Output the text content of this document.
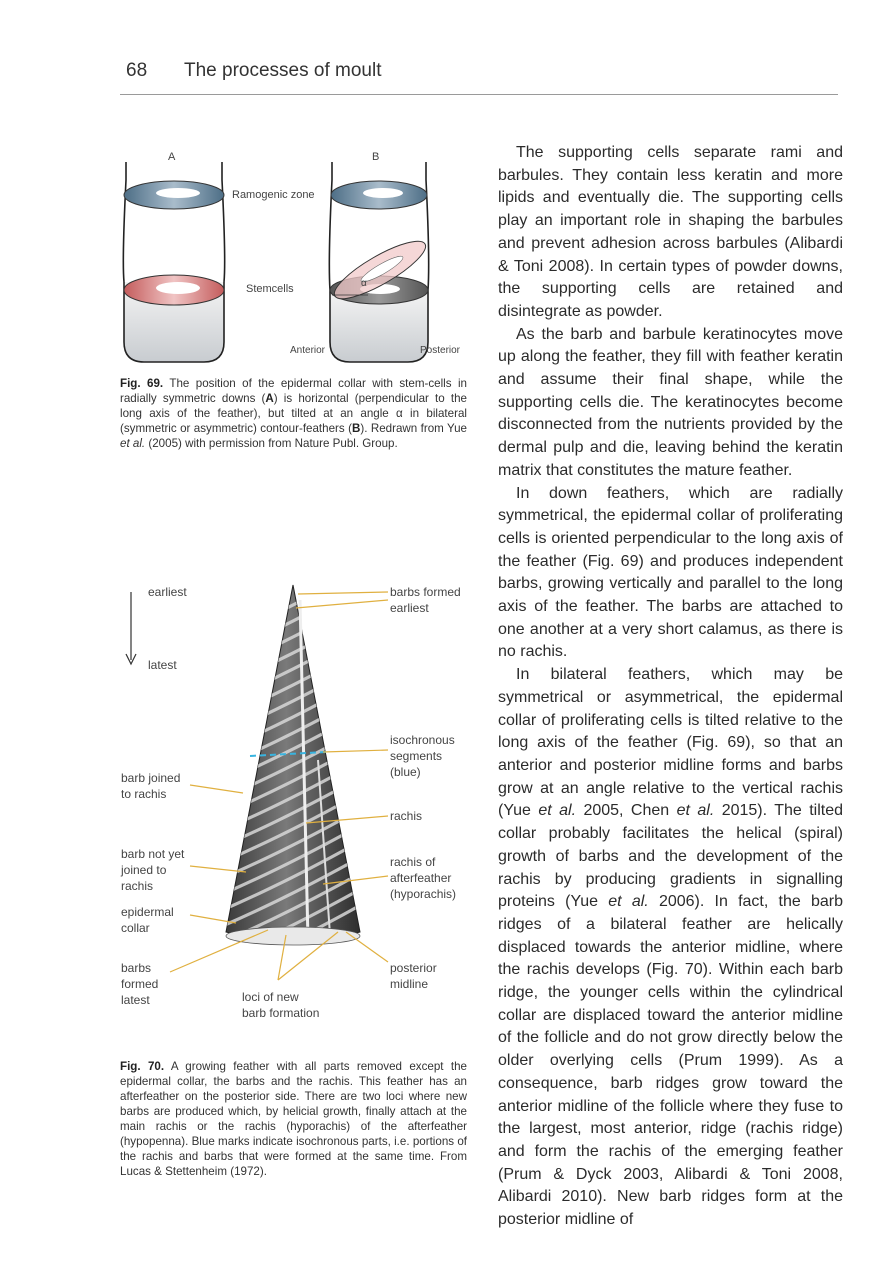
68 The processes of moult
A	B
α
Ramogenic zone
Stemcells
Anterior	Posterior
Fig. 69. The position of the epidermal collar with stem-cells in radially symmetric downs (A) is horizontal (perpendicular to the long axis of the feather), but tilted at an angle α in bilateral (symmetric or asymmetric) contour-feathers (B). Redrawn from Yue et al. (2005) with permission from Nature Publ. Group.
earliest
latest
barbs formed earliest
isochronous segments (blue)
barb joined to rachis
rachis
barb not yet joined to rachis
rachis of afterfeather (hyporachis)
epidermal collar
barbs formed latest
posterior midline
loci of new barb formation
Fig. 70. A growing feather with all parts removed except the epidermal collar, the barbs and the rachis. This feather has an afterfeather on the posterior side. There are two loci where new barbs are produced which, by helicial growth, finally attach at the main rachis or the rachis (hyporachis) of the afterfeather (hypopenna). Blue marks indicate isochronous parts, i.e. portions of the rachis and barbs that were formed at the same time. From Lucas & Stettenheim (1972).

The supporting cells separate rami and barbules. They contain less keratin and more lipids and eventually die. The supporting cells play an important role in shaping the barbules and prevent adhesion across barbules (Alibardi & Toni 2008). In certain types of powder downs, the supporting cells are retained and disintegrate as powder.

As the barb and barbule keratinocytes move up along the feather, they fill with feather keratin and assume their final shape, while the supporting cells die. The keratinocytes become disconnected from the nutrients provided by the dermal pulp and die, leaving behind the keratin matrix that constitutes the mature feather.

In down feathers, which are radially symmetrical, the epidermal collar of proliferating cells is oriented perpendicular to the long axis of the feather (Fig. 69) and produces independent barbs, growing vertically and parallel to the long axis of the feather. The barbs are attached to one another at a very short calamus, as there is no rachis.

In bilateral feathers, which may be symmetrical or asymmetrical, the epidermal collar of proliferating cells is tilted relative to the long axis of the feather (Fig. 69), so that an anterior and posterior midline forms and barbs grow at an angle relative to the vertical rachis (Yue et al. 2005, Chen et al. 2015). The tilted collar probably facilitates the helical (spiral) growth of barbs and the development of the rachis by producing gradients in signalling proteins (Yue et al. 2006). In fact, the barb ridges of a bilateral feather are helically displaced towards the anterior midline, where the rachis develops (Fig. 70). Within each barb ridge, the younger cells within the cylindrical collar are displaced toward the anterior midline of the follicle and do not grow directly below the older overlying cells (Prum 1999). As a consequence, barb ridges grow toward the anterior midline of the follicle where they fuse to the largest, most anterior, ridge (rachis ridge) and form the rachis of the emerging feather (Prum & Dyck 2003, Alibardi & Toni 2008, Alibardi 2010). New barb ridges form at the posterior midline of
